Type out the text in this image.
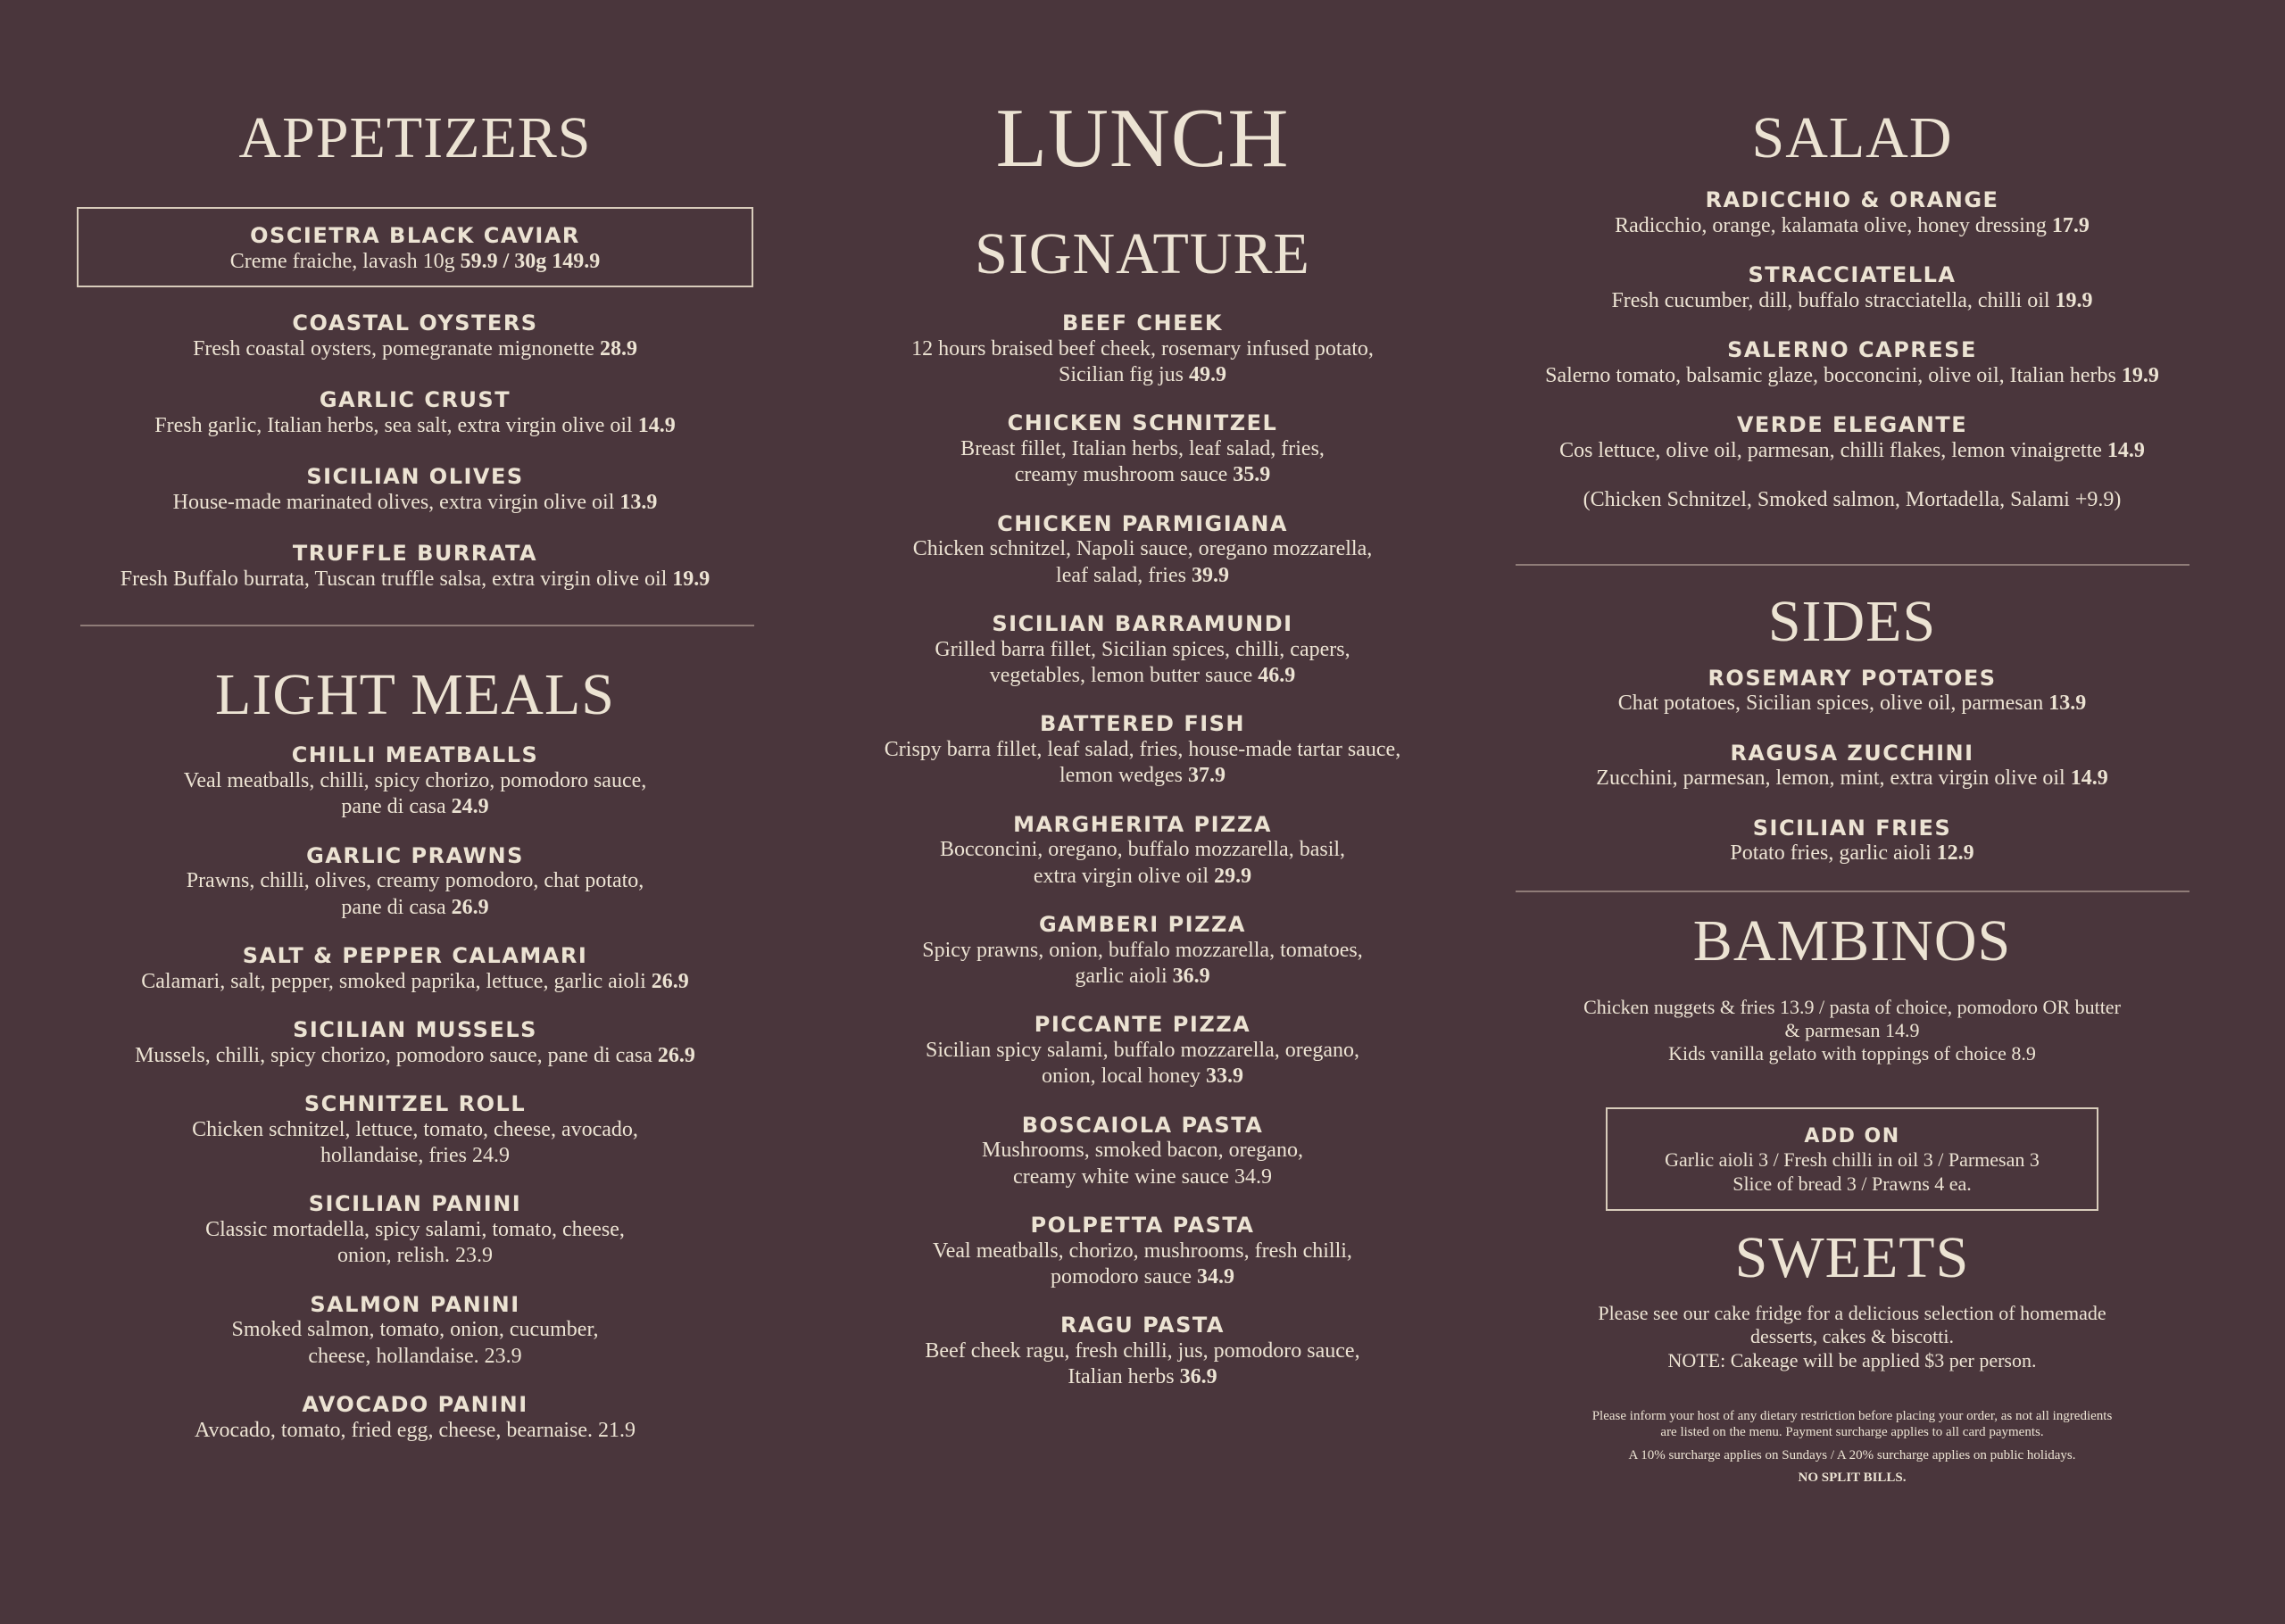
APPETIZERS

OSCIETRA BLACK CAVIAR

Creme fraiche, lavash 10g 59.9 / 30g 149.9

COASTAL OYSTERS

Fresh coastal oysters, pomegranate mignonette 28.9

GARLIC CRUST

Fresh garlic, Italian herbs, sea salt, extra virgin olive oil 14.9

SICILIAN OLIVES

House-made marinated olives, extra virgin olive oil 13.9

TRUFFLE BURRATA

Fresh Buffalo burrata, Tuscan truffle salsa, extra virgin olive oil 19.9

LIGHT MEALS

CHILLI MEATBALLS

Veal meatballs, chilli, spicy chorizo, pomodoro sauce,
pane di casa 24.9

GARLIC PRAWNS

Prawns, chilli, olives, creamy pomodoro, chat potato,
pane di casa 26.9

SALT & PEPPER CALAMARI

Calamari, salt, pepper, smoked paprika, lettuce, garlic aioli 26.9

SICILIAN MUSSELS

Mussels, chilli, spicy chorizo, pomodoro sauce, pane di casa 26.9

SCHNITZEL ROLL

Chicken schnitzel, lettuce, tomato, cheese, avocado,
hollandaise, fries 24.9

SICILIAN PANINI

Classic mortadella, spicy salami, tomato, cheese,
onion, relish. 23.9

SALMON PANINI

Smoked salmon, tomato, onion, cucumber,
cheese, hollandaise. 23.9

AVOCADO PANINI

Avocado, tomato, fried egg, cheese, bearnaise. 21.9

LUNCH
SIGNATURE

BEEF CHEEK

12 hours braised beef cheek, rosemary infused potato,
Sicilian fig jus 49.9

CHICKEN SCHNITZEL

Breast fillet, Italian herbs, leaf salad, fries,
creamy mushroom sauce 35.9

CHICKEN PARMIGIANA

Chicken schnitzel, Napoli sauce, oregano mozzarella,
leaf salad, fries 39.9

SICILIAN BARRAMUNDI

Grilled barra fillet, Sicilian spices, chilli, capers,
vegetables, lemon butter sauce 46.9

BATTERED FISH

Crispy barra fillet, leaf salad, fries, house-made tartar sauce,
lemon wedges 37.9

MARGHERITA PIZZA

Bocconcini, oregano, buffalo mozzarella, basil,
extra virgin olive oil 29.9

GAMBERI PIZZA

Spicy prawns, onion, buffalo mozzarella, tomatoes,
garlic aioli 36.9

PICCANTE PIZZA

Sicilian spicy salami, buffalo mozzarella, oregano,
onion, local honey 33.9

BOSCAIOLA PASTA

Mushrooms, smoked bacon, oregano,
creamy white wine sauce 34.9

POLPETTA PASTA

Veal meatballs, chorizo, mushrooms, fresh chilli,
pomodoro sauce 34.9

RAGU PASTA

Beef cheek ragu, fresh chilli, jus, pomodoro sauce,
Italian herbs 36.9

SALAD

RADICCHIO & ORANGE

Radicchio, orange, kalamata olive, honey dressing 17.9

STRACCIATELLA

Fresh cucumber, dill, buffalo stracciatella, chilli oil 19.9

SALERNO CAPRESE

Salerno tomato, balsamic glaze, bocconcini, olive oil, Italian herbs 19.9

VERDE ELEGANTE

Cos lettuce, olive oil, parmesan, chilli flakes, lemon vinaigrette 14.9

(Chicken Schnitzel, Smoked salmon, Mortadella, Salami +9.9)

SIDES

ROSEMARY POTATOES

Chat potatoes, Sicilian spices, olive oil, parmesan 13.9

RAGUSA ZUCCHINI

Zucchini, parmesan, lemon, mint, extra virgin olive oil 14.9

SICILIAN FRIES

Potato fries, garlic aioli 12.9

BAMBINOS

Chicken nuggets & fries 13.9 / pasta of choice, pomodoro OR butter
& parmesan 14.9
Kids vanilla gelato with toppings of choice 8.9

ADD ON

Garlic aioli 3 / Fresh chilli in oil 3 / Parmesan 3
Slice of bread 3 / Prawns 4 ea.

SWEETS

Please see our cake fridge for a delicious selection of homemade
desserts, cakes & biscotti.
NOTE: Cakeage will be applied $3 per person.

Please inform your host of any dietary restriction before placing your order, as not all ingredients
are listed on the menu. Payment surcharge applies to all card payments.

A 10% surcharge applies on Sundays / A 20% surcharge applies on public holidays.

NO SPLIT BILLS.
